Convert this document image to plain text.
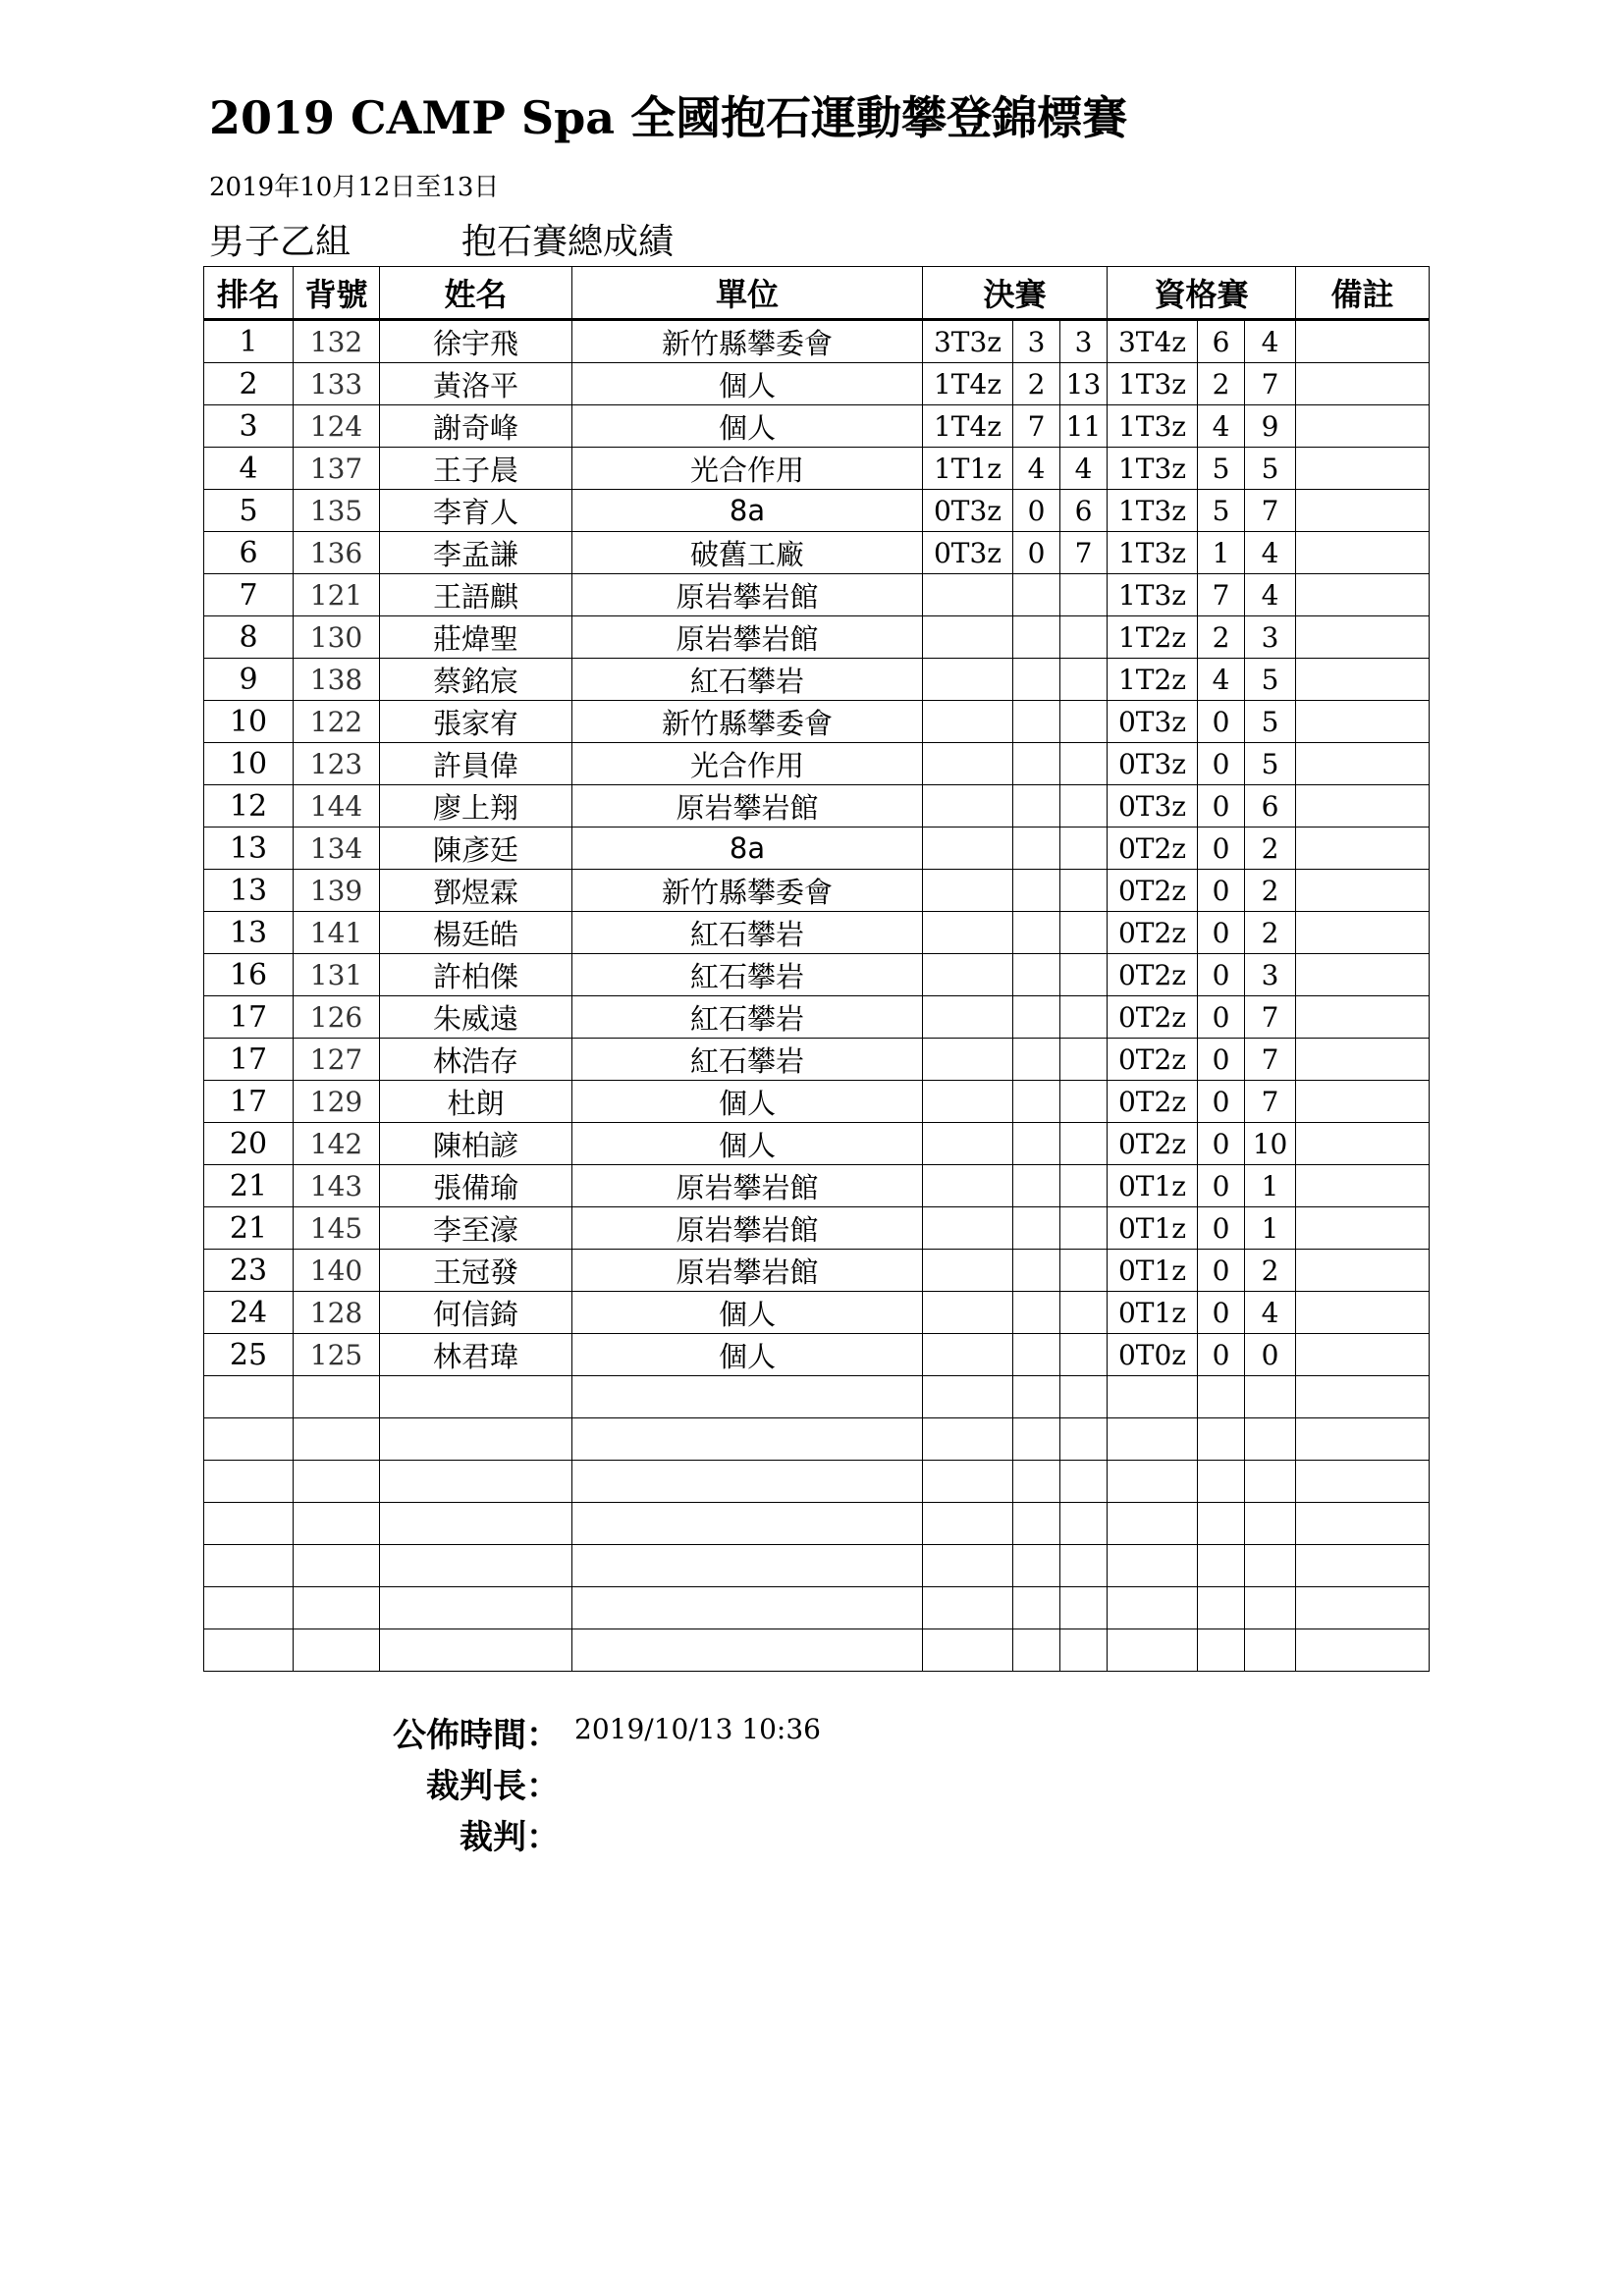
2019 CAMP Spa 全國抱石運動攀登錦標賽
2019年10月12日至13日
男子乙組	抱石賽總成績
排名	背號	姓名	單位	決賽			資格賽			備註
1	132	徐宇飛	新竹縣攀委會	3T3z	3	3	3T4z	6	4	
2	133	黃洛平	個人	1T4z	2	13	1T3z	2	7	
3	124	謝奇峰	個人	1T4z	7	11	1T3z	4	9	
4	137	王子晨	光合作用	1T1z	4	4	1T3z	5	5	
5	135	李育人	8a	0T3z	0	6	1T3z	5	7	
6	136	李孟謙	破舊工廠	0T3z	0	7	1T3z	1	4	
7	121	王語麒	原岩攀岩館				1T3z	7	4	
8	130	莊煒聖	原岩攀岩館				1T2z	2	3	
9	138	蔡銘宸	紅石攀岩				1T2z	4	5	
10	122	張家宥	新竹縣攀委會				0T3z	0	5	
10	123	許員偉	光合作用				0T3z	0	5	
12	144	廖上翔	原岩攀岩館				0T3z	0	6	
13	134	陳彥廷	8a				0T2z	0	2	
13	139	鄧煜霖	新竹縣攀委會				0T2z	0	2	
13	141	楊廷皓	紅石攀岩				0T2z	0	2	
16	131	許柏傑	紅石攀岩				0T2z	0	3	
17	126	朱威遠	紅石攀岩				0T2z	0	7	
17	127	林浩存	紅石攀岩				0T2z	0	7	
17	129	杜朗	個人				0T2z	0	7	
20	142	陳柏諺	個人				0T2z	0	10	
21	143	張備瑜	原岩攀岩館				0T1z	0	1	
21	145	李至濠	原岩攀岩館				0T1z	0	1	
23	140	王冠發	原岩攀岩館				0T1z	0	2	
24	128	何信錡	個人				0T1z	0	4	
25	125	林君瑋	個人				0T0z	0	0	

公佈時間： 2019/10/13 10:36
裁判長：
裁判：
